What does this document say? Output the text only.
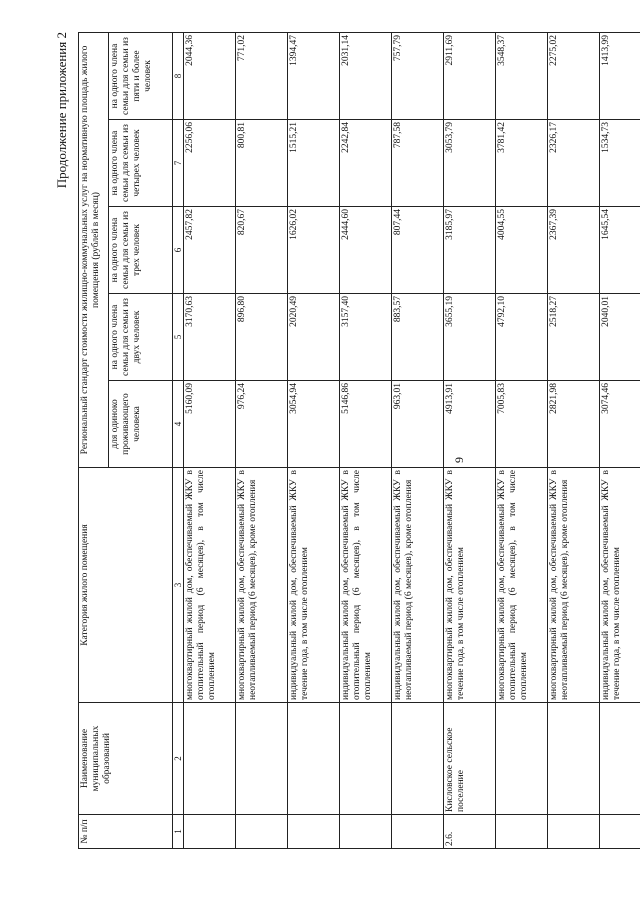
9
Продолжение приложения 2
№ п/п	Наименование муниципальных образований	Категория жилого помещения	Региональный стандарт стоимости жилищно-коммунальных услуг на нормативную площадь жилого помещения (рублей в месяц)				
			для одиноко проживающего человека	на одного члена семьи для семьи из двух человек	на одного члена семьи для семьи из трех человек	на одного члена семьи для семьи из четырех человек	на одного члена семьи для семьи из пяти и более человек
1	2	3	4	5	6	7	8
		многоквартирный жилой дом, обеспечиваемый ЖКУ в отопительный период (6 месяцев), в том числе отоплением	5160,09	3170,63	2457,82	2256,06	2044,36
		многоквартирный жилой дом, обеспечиваемый ЖКУ в неотапливаемый период (6 месяцев), кроме отопления	976,24	896,80	820,67	800,81	771,02
		индивидуальный жилой дом, обеспечиваемый ЖКУ в течение года, в том числе отоплением	3054,94	2020,49	1626,02	1515,21	1394,47
		индивидуальный жилой дом, обеспечиваемый ЖКУ в отопительный период (6 месяцев), в том числе отоплением	5146,86	3157,40	2444,60	2242,84	2031,14
		индивидуальный жилой дом, обеспечиваемый ЖКУ в неотапливаемый период (6 месяцев), кроме отопления	963,01	883,57	807,44	787,58	757,79
2.6.	Кисловское сельское поселение	многоквартирный жилой дом, обеспечиваемый ЖКУ в течение года, в том числе отоплением	4913,91	3655,19	3185,97	3053,79	2911,69
		многоквартирный жилой дом, обеспечиваемый ЖКУ в отопительный период (6 месяцев), в том числе отоплением	7005,83	4792,10	4004,55	3781,42	3548,37
		многоквартирный жилой дом, обеспечиваемый ЖКУ в неотапливаемый период (6 месяцев), кроме отопления	2821,98	2518,27	2367,39	2326,17	2275,02
		индивидуальный жилой дом, обеспечиваемый ЖКУ в течение года, в том числе отоплением	3074,46	2040,01	1645,54	1534,73	1413,99
